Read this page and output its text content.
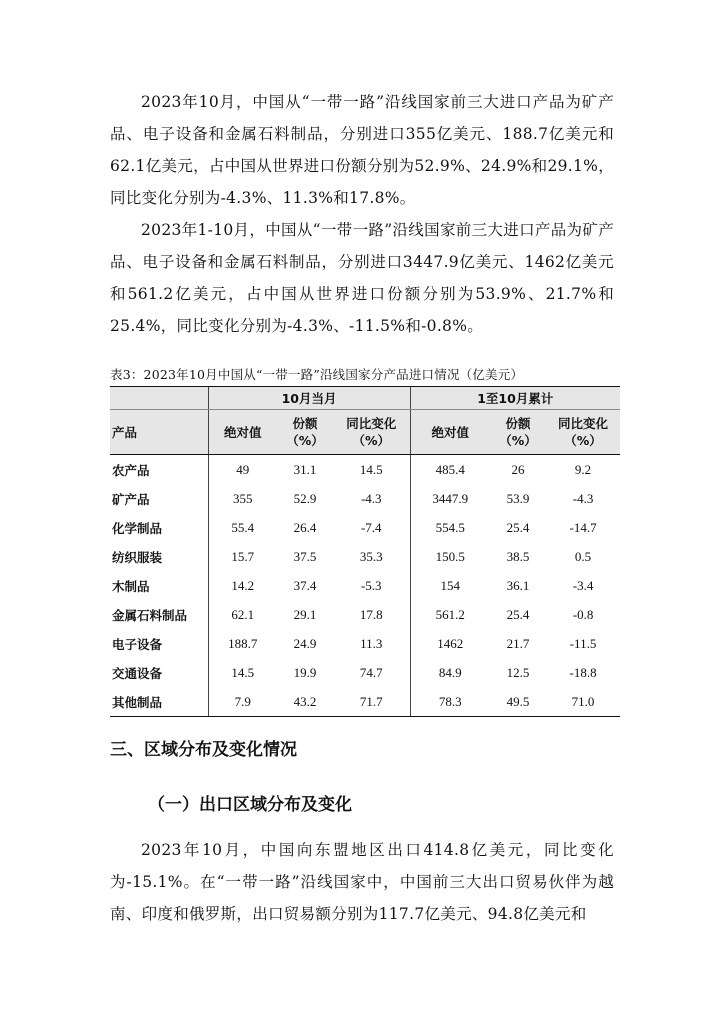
2023年10月，中国从“一带一路”沿线国家前三大进口产品为矿产品、电子设备和金属石料制品，分别进口355亿美元、188.7亿美元和62.1亿美元，占中国从世界进口份额分别为52.9%、24.9%和29.1%，同比变化分别为-4.3%、11.3%和17.8%。

2023年1-10月，中国从“一带一路”沿线国家前三大进口产品为矿产品、电子设备和金属石料制品，分别进口3447.9亿美元、1462亿美元和561.2亿美元，占中国从世界进口份额分别为53.9%、21.7%和25.4%，同比变化分别为-4.3%、-11.5%和-0.8%。

表3：2023年10月中国从“一带一路”沿线国家分产品进口情况（亿美元）
	10月当月			1至10月累计		
产品	绝对值	份额（%）	同比变化（%）	绝对值	份额（%）	同比变化（%）
农产品	49	31.1	14.5	485.4	26	9.2
矿产品	355	52.9	-4.3	3447.9	53.9	-4.3
化学制品	55.4	26.4	-7.4	554.5	25.4	-14.7
纺织服装	15.7	37.5	35.3	150.5	38.5	0.5
木制品	14.2	37.4	-5.3	154	36.1	-3.4
金属石料制品	62.1	29.1	17.8	561.2	25.4	-0.8
电子设备	188.7	24.9	11.3	1462	21.7	-11.5
交通设备	14.5	19.9	74.7	84.9	12.5	-18.8
其他制品	7.9	43.2	71.7	78.3	49.5	71.0
三、区域分布及变化情况
（一）出口区域分布及变化

2023年10月，中国向东盟地区出口414.8亿美元，同比变化为-15.1%。在“一带一路”沿线国家中，中国前三大出口贸易伙伴为越南、印度和俄罗斯，出口贸易额分别为117.7亿美元、94.8亿美元和
